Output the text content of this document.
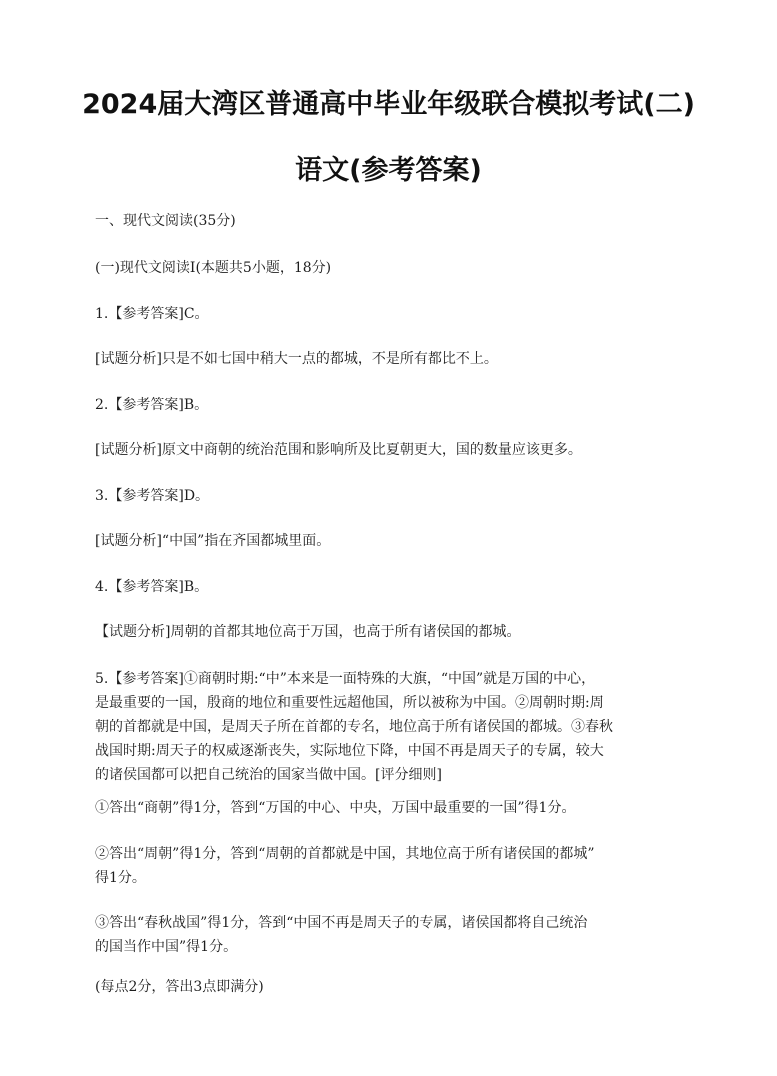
2024届大湾区普通高中毕业年级联合模拟考试(二)
语文(参考答案)
一、现代文阅读(35分)
(一)现代文阅读I(本题共5小题，18分)
1.【参考答案]C。
[试题分析]只是不如七国中稍大一点的都城，不是所有都比不上。
2.【参考答案]B。
[试题分析]原文中商朝的统治范围和影响所及比夏朝更大，国的数量应该更多。
3.【参考答案]D。
[试题分析]“中国”指在齐国都城里面。
4.【参考答案]B。
【试题分析]周朝的首都其地位高于万国，也高于所有诸侯国的都城。
5.【参考答案]①商朝时期:“中”本来是一面特殊的大旗，“中国”就是万国的中心，
是最重要的一国，殷商的地位和重要性远超他国，所以被称为中国。②周朝时期:周
朝的首都就是中国，是周天子所在首都的专名，地位高于所有诸侯国的都城。③春秋
战国时期:周天子的权威逐渐丧失，实际地位下降，中国不再是周天子的专属，较大
的诸侯国都可以把自己统治的国家当做中国。[评分细则]
①答出“商朝”得1分，答到“万国的中心、中央，万国中最重要的一国”得1分。
②答出“周朝”得1分，答到“周朝的首都就是中国，其地位高于所有诸侯国的都城”
得1分。
③答出“春秋战国”得1分，答到“中国不再是周天子的专属，诸侯国都将自己统治
的国当作中国”得1分。
(每点2分，答出3点即满分)
